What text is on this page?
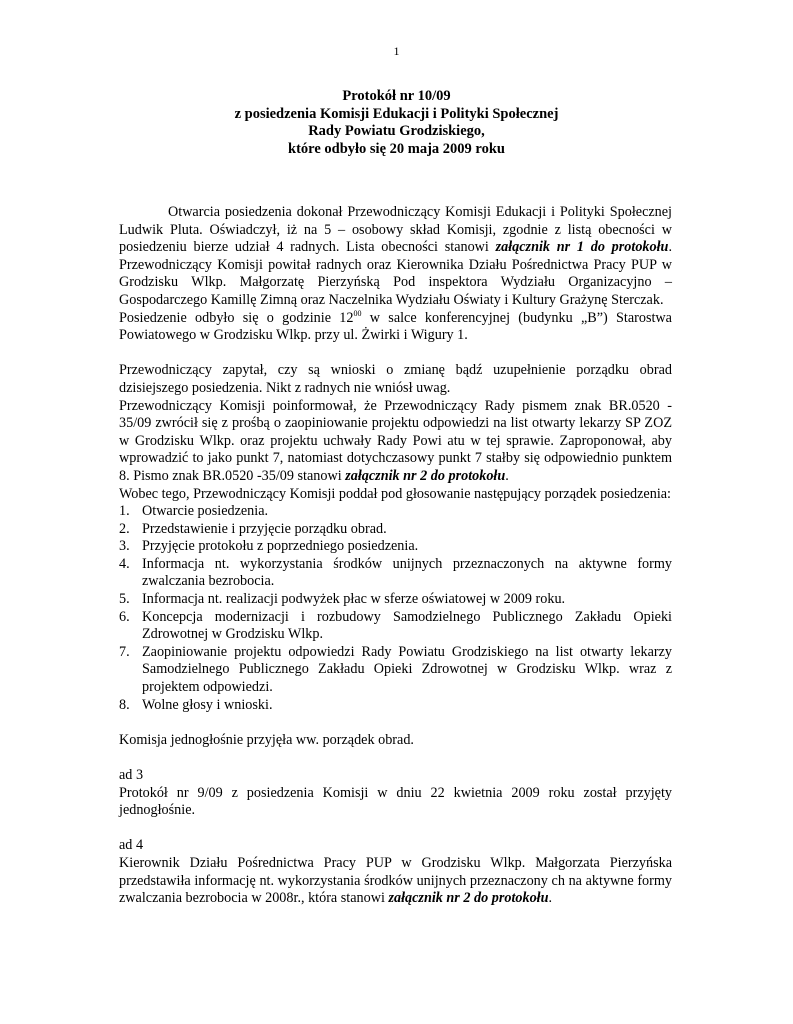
1
Protokół nr 10/09
z posiedzenia Komisji Edukacji i Polityki Społecznej
Rady Powiatu Grodziskiego,
które odbyło się 20 maja 2009 roku

Otwarcia posiedzenia dokonał Przewodniczący Komisji Edukacji i Polityki Społecznej Ludwik Pluta. Oświadczył, iż na 5 – osobowy skład Komisji, zgodnie z listą obecności w posiedzeniu bierze udział 4 radnych. Lista obecności stanowi załącznik nr 1 do protokołu. Przewodniczący Komisji powitał radnych oraz Kierownika Działu Pośrednictwa Pracy PUP w Grodzisku Wlkp. Małgorzatę Pierzyńską Pod inspektora Wydziału Organizacyjno – Gospodarczego Kamillę Zimną oraz Naczelnika Wydziału Oświaty i Kultury Grażynę Sterczak.

Posiedzenie odbyło się o godzinie $12^{00}$ w salce konferencyjnej (budynku „B”) Starostwa Powiatowego w Grodzisku Wlkp. przy ul. Żwirki i Wigury 1.

Przewodniczący zapytał, czy są wnioski o zmianę bądź uzupełnienie porządku obrad dzisiejszego posiedzenia. Nikt z radnych nie wniósł uwag.

Przewodniczący Komisji poinformował, że Przewodniczący Rady pismem znak BR.0520 - 35/09 zwrócił się z prośbą o zaopiniowanie projektu odpowiedzi na list otwarty lekarzy SP ZOZ w Grodzisku Wlkp. oraz projektu uchwały Rady Powi atu w tej sprawie. Zaproponował, aby wprowadzić to jako punkt 7, natomiast dotychczasowy punkt 7 stałby się odpowiednio punktem 8. Pismo znak BR.0520 -35/09 stanowi załącznik nr 2 do protokołu.

Wobec tego, Przewodniczący Komisji poddał pod głosowanie następujący porządek posiedzenia:

1. Otwarcie posiedzenia.
2. Przedstawienie i przyjęcie porządku obrad.
3. Przyjęcie protokołu z poprzedniego posiedzenia.
4. Informacja nt. wykorzystania środków unijnych przeznaczonych na aktywne formy zwalczania bezrobocia.
5. Informacja nt. realizacji podwyżek płac w sferze oświatowej w 2009 roku.
6. Koncepcja modernizacji i rozbudowy Samodzielnego Publicznego Zakładu Opieki Zdrowotnej w Grodzisku Wlkp.
7. Zaopiniowanie projektu odpowiedzi Rady Powiatu Grodziskiego na list otwarty lekarzy Samodzielnego Publicznego Zakładu Opieki Zdrowotnej w Grodzisku Wlkp. wraz z projektem odpowiedzi.
8. Wolne głosy i wnioski.

Komisja jednogłośnie przyjęła ww. porządek obrad.

ad 3

Protokół nr 9/09 z posiedzenia Komisji w dniu 22 kwietnia 2009 roku został przyjęty jednogłośnie.

ad 4

Kierownik Działu Pośrednictwa Pracy PUP w Grodzisku Wlkp. Małgorzata Pierzyńska przedstawiła informację nt. wykorzystania środków unijnych przeznaczony ch na aktywne formy zwalczania bezrobocia w 2008r., która stanowi załącznik nr 2 do protokołu.
